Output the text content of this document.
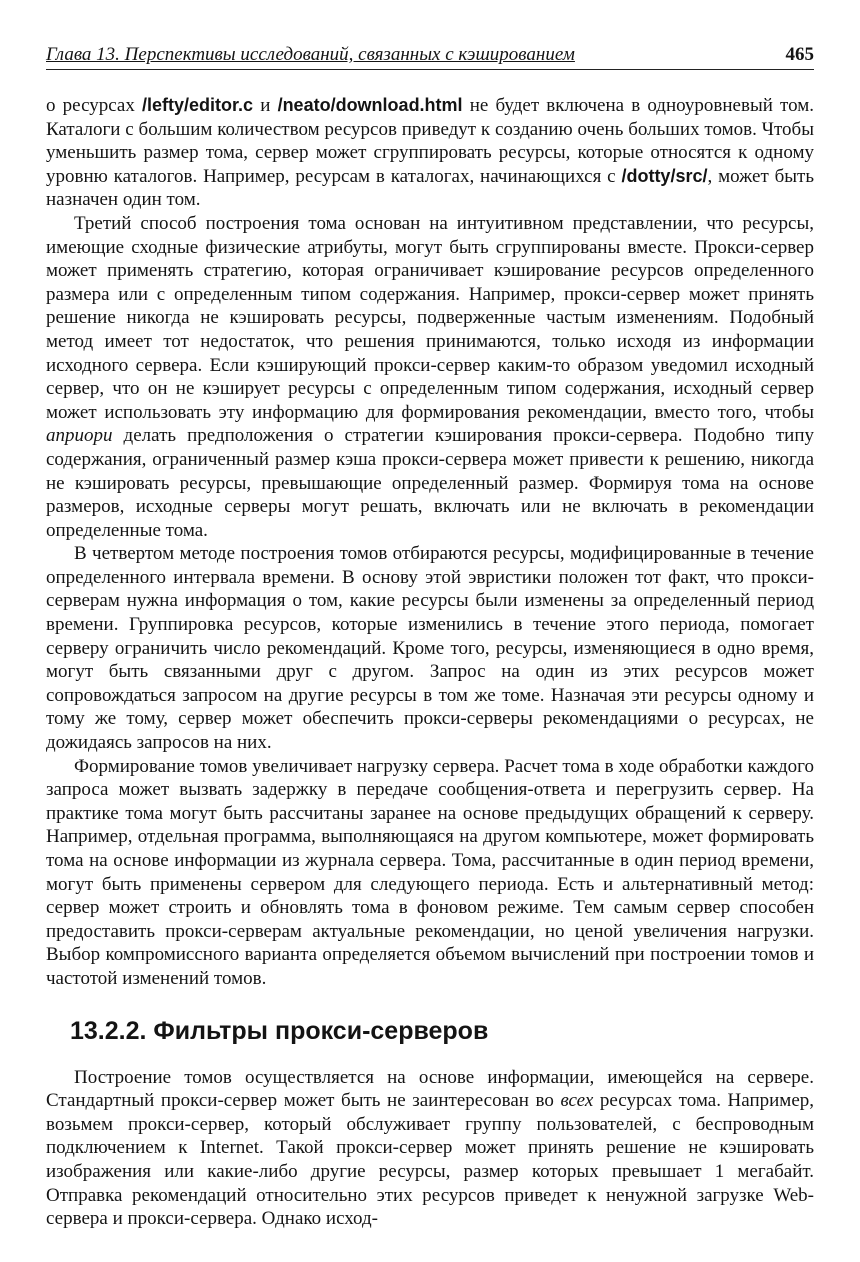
Глава 13. Перспективы исследований, связанных с кэшированием	465

о ресурсах /lefty/editor.c и /neato/download.html не будет включена в одноуровневый том. Каталоги с большим количеством ресурсов приведут к созданию очень больших томов. Чтобы уменьшить размер тома, сервер может сгруппировать ресурсы, которые относятся к одному уровню каталогов. Например, ресурсам в каталогах, начинающихся с /dotty/src/, может быть назначен один том.

Третий способ построения тома основан на интуитивном представлении, что ресурсы, имеющие сходные физические атрибуты, могут быть сгруппированы вместе. Прокси-сервер может применять стратегию, которая ограничивает кэширование ресурсов определенного размера или с определенным типом содержания. Например, прокси-сервер может принять решение никогда не кэшировать ресурсы, подверженные частым изменениям. Подобный метод имеет тот недостаток, что решения принимаются, только исходя из информации исходного сервера. Если кэширующий прокси-сервер каким-то образом уведомил исходный сервер, что он не кэширует ресурсы с определенным типом содержания, исходный сервер может использовать эту информацию для формирования рекомендации, вместо того, чтобы априори делать предположения о стратегии кэширования прокси-сервера. Подобно типу содержания, ограниченный размер кэша прокси-сервера может привести к решению, никогда не кэшировать ресурсы, превышающие определенный размер. Формируя тома на основе размеров, исходные серверы могут решать, включать или не включать в рекомендации определенные тома.

В четвертом методе построения томов отбираются ресурсы, модифицированные в течение определенного интервала времени. В основу этой эвристики положен тот факт, что прокси-серверам нужна информация о том, какие ресурсы были изменены за определенный период времени. Группировка ресурсов, которые изменились в течение этого периода, помогает серверу ограничить число рекомендаций. Кроме того, ресурсы, изменяющиеся в одно время, могут быть связанными друг с другом. Запрос на один из этих ресурсов может сопровождаться запросом на другие ресурсы в том же томе. Назначая эти ресурсы одному и тому же тому, сервер может обеспечить прокси-серверы рекомендациями о ресурсах, не дожидаясь запросов на них.

Формирование томов увеличивает нагрузку сервера. Расчет тома в ходе обработки каждого запроса может вызвать задержку в передаче сообщения-ответа и перегрузить сервер. На практике тома могут быть рассчитаны заранее на основе предыдущих обращений к серверу. Например, отдельная программа, выполняющаяся на другом компьютере, может формировать тома на основе информации из журнала сервера. Тома, рассчитанные в один период времени, могут быть применены сервером для следующего периода. Есть и альтернативный метод: сервер может строить и обновлять тома в фоновом режиме. Тем самым сервер способен предоставить прокси-серверам актуальные рекомендации, но ценой увеличения нагрузки. Выбор компромиссного варианта определяется объемом вычислений при построении томов и частотой изменений томов.

13.2.2. Фильтры прокси-серверов

Построение томов осуществляется на основе информации, имеющейся на сервере. Стандартный прокси-сервер может быть не заинтересован во всех ресурсах тома. Например, возьмем прокси-сервер, который обслуживает группу пользователей, с беспроводным подключением к Internet. Такой прокси-сервер может принять решение не кэшировать изображения или какие-либо другие ресурсы, размер которых превышает 1 мегабайт. Отправка рекомендаций относительно этих ресурсов приведет к ненужной загрузке Web-сервера и прокси-сервера. Однако исход-
